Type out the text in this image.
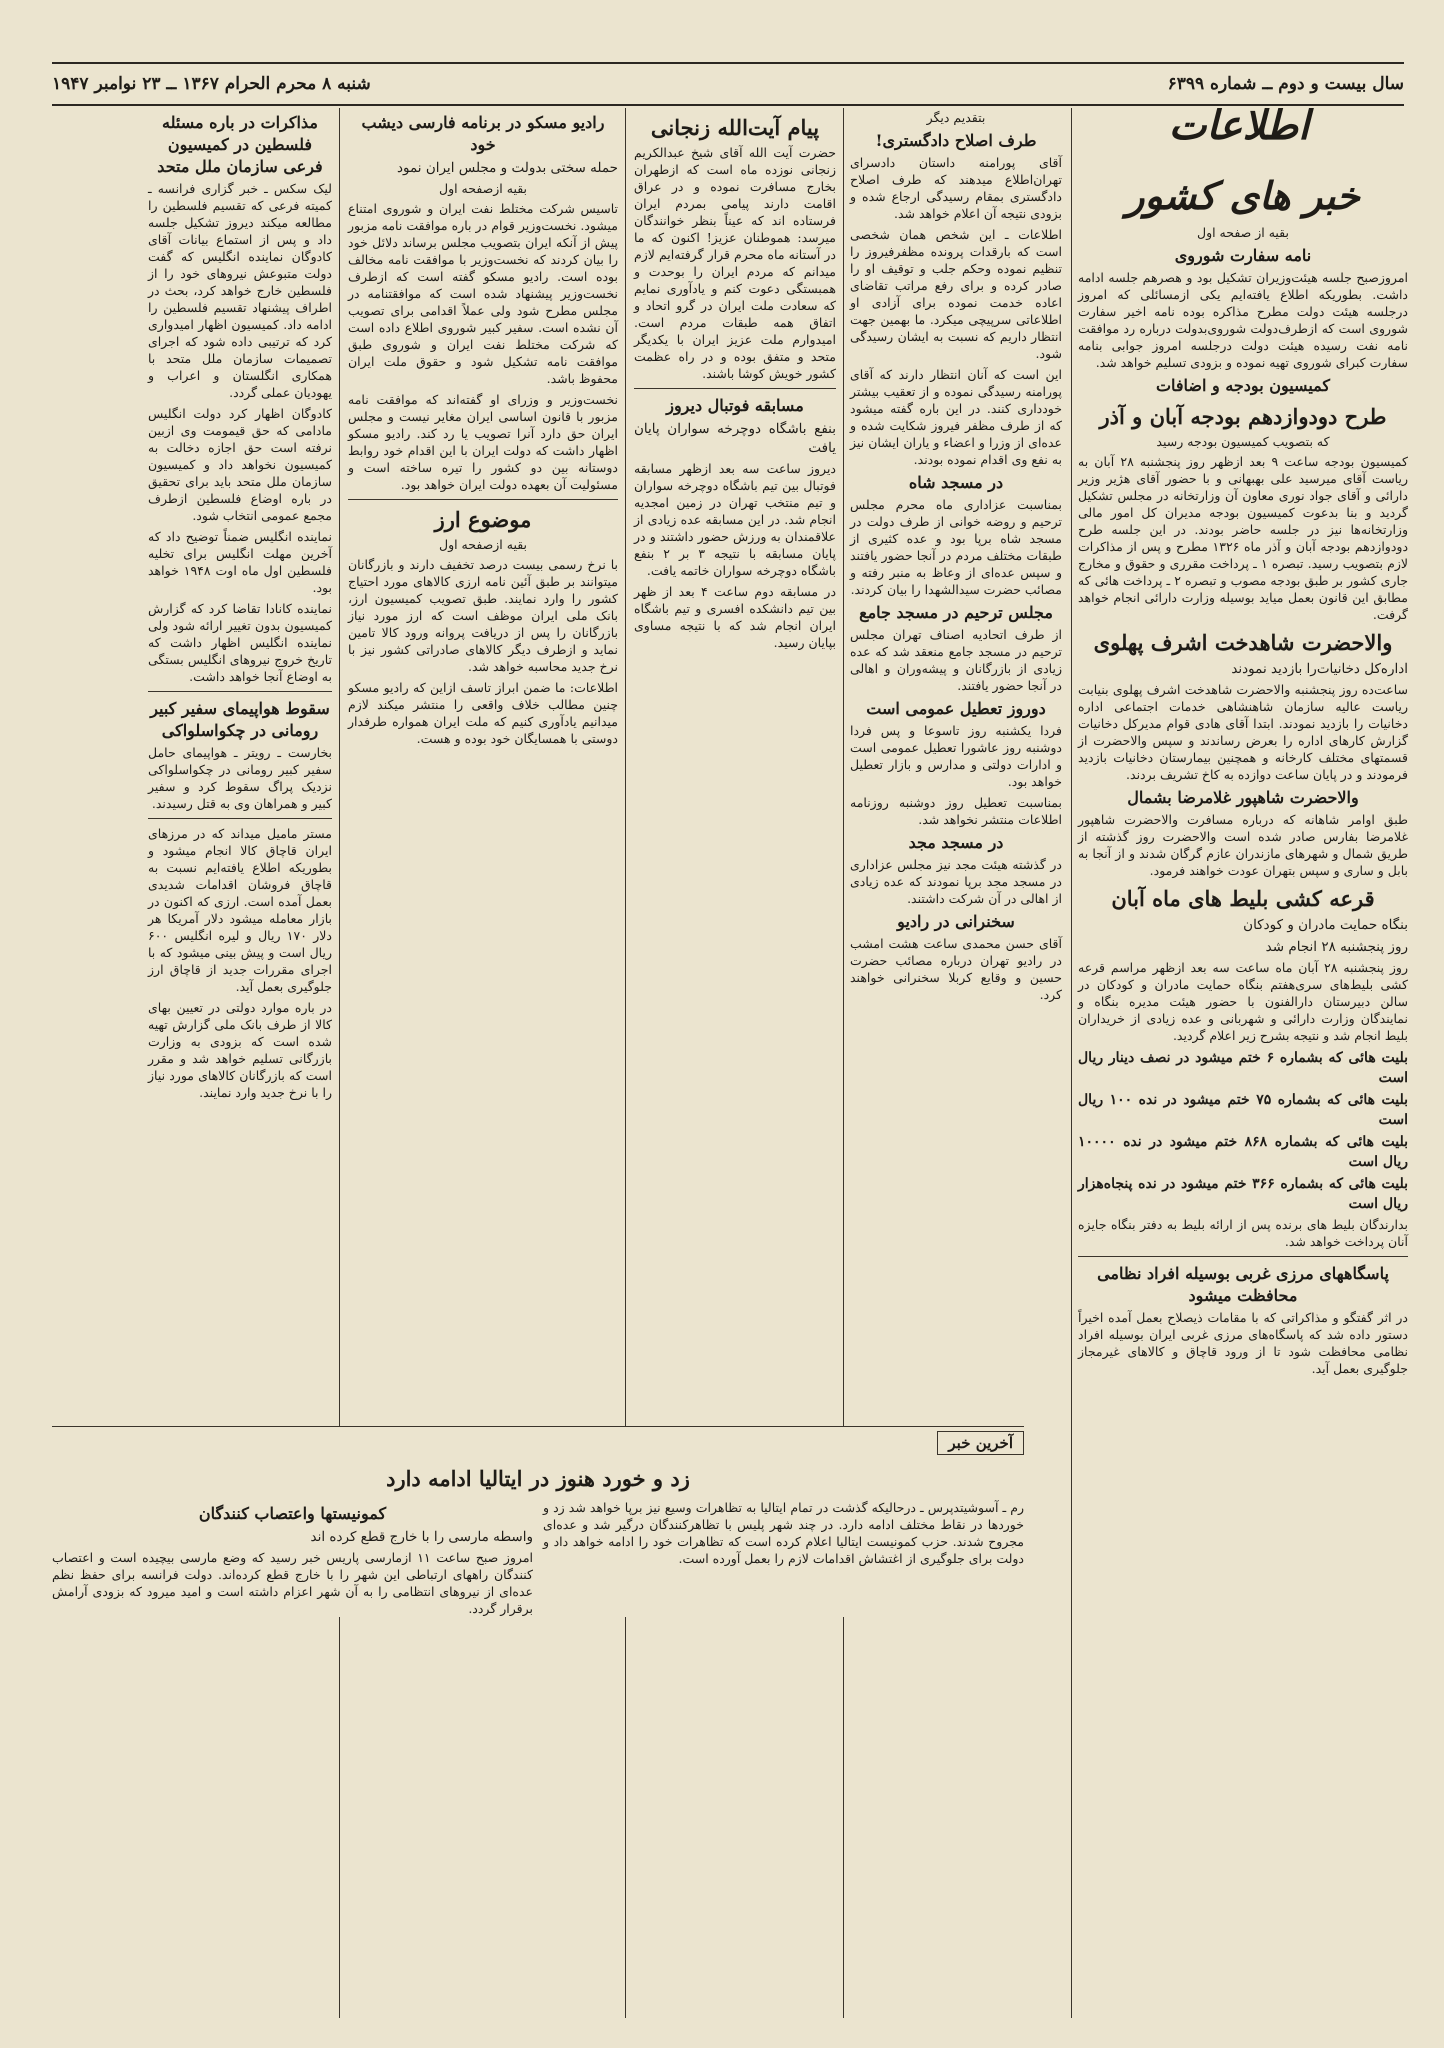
سال بیست و دوم ــ شماره ۶۳۹۹
شنبه ۸ محرم الحرام ۱۳۶۷ ــ ۲۳ نوامبر ۱۹۴۷
اطلاعات
خبر های کشور
بقیه از صفحه اول
نامه سفارت شوروی

امروزصبح جلسه هیئت‌وزیران تشکیل بود و هصرهم جلسه ادامه داشت. بطوریکه اطلاع یافته‌ایم یکی ازمسائلی که امروز درجلسه هیئت دولت مطرح مذاکره بوده نامه اخیر سفارت شوروی است که ازطرف‌دولت شوروی‌بدولت درباره رد موافقت نامه نفت رسیده هیئت دولت درجلسه امروز جوابی بنامه سفارت کبرای شوروی تهیه نموده و بزودی تسلیم خواهد شد.

کمیسیون بودجه و اضافات
طرح دودوازدهم بودجه آبان و آذر
که بتصویب کمیسیون بودجه رسید

کمیسیون بودجه ساعت ۹ بعد ازظهر روز پنجشنبه ۲۸ آبان به ریاست آقای میرسید علی بهبهانی و با حضور آقای هژیر وزیر دارائی و آقای جواد نوری معاون آن وزارتخانه در مجلس تشکیل گردید و بنا بدعوت کمیسیون بودجه مدیران کل امور مالی وزارتخانه‌ها نیز در جلسه حاضر بودند. در این جلسه طرح دودوازدهم بودجه آبان و آذر ماه ۱۳۲۶ مطرح و پس از مذاکرات لازم بتصویب رسید. تبصره ۱ ـ پرداخت مقرری و حقوق و مخارج جاری کشور بر طبق بودجه مصوب و تبصره ۲ ـ پرداخت هائی که مطابق این قانون بعمل میاید بوسیله وزارت دارائی انجام خواهد گرفت.

والاحضرت شاهدخت اشرف پهلوی
اداره‌کل دخانیات‌را بازدید نمودند

ساعت‌ده روز پنجشنبه والاحضرت شاهدخت اشرف پهلوی بنیابت ریاست عالیه سازمان شاهنشاهی خدمات اجتماعی اداره دخانیات را بازدید نمودند. ابتدا آقای هادی قوام مدیرکل دخانیات گزارش کارهای اداره را بعرض رساندند و سپس والاحضرت از قسمتهای مختلف کارخانه و همچنین بیمارستان دخانیات بازدید فرمودند و در پایان ساعت دوازده به کاخ تشریف بردند.

والاحضرت شاهپور غلامرضا بشمال

طبق اوامر شاهانه که درباره مسافرت والاحضرت شاهپور غلامرضا بفارس صادر شده است والاحضرت روز گذشته از طریق شمال و شهرهای مازندران عازم گرگان شدند و از آنجا به بابل و ساری و سپس بتهران عودت خواهند فرمود.

قرعه کشی بلیط های ماه آبان
بنگاه حمایت مادران و کودکان
روز پنجشنبه ۲۸ انجام شد

روز پنجشنبه ۲۸ آبان ماه ساعت سه بعد ازظهر مراسم قرعه کشی بلیط‌های سری‌هفتم بنگاه حمایت مادران و کودکان در سالن دبیرستان دارالفنون با حضور هیئت مدیره بنگاه و نمایندگان وزارت دارائی و شهربانی و عده زیادی از خریداران بلیط انجام شد و نتیجه بشرح زیر اعلام گردید.

بلیت هائی که بشماره ۶ ختم میشود در نصف دینار ریال است
بلیت هائی که بشماره ۷۵ ختم میشود در نده ۱۰۰ ریال است
بلیت هائی که بشماره ۸۶۸ ختم میشود در نده ۱۰۰۰۰ ریال است
بلیت هائی که بشماره ۳۶۶ ختم میشود در نده پنجاه‌هزار ریال است

بدارندگان بلیط های برنده پس از ارائه بلیط به دفتر بنگاه جایزه آنان پرداخت خواهد شد.

پاسگاههای مرزی غربی بوسیله افراد نظامی محافظت میشود

در اثر گفتگو و مذاکراتی که با مقامات ذیصلاح بعمل آمده اخیراً دستور داده شد که پاسگاه‌های مرزی غربی ایران بوسیله افراد نظامی محافظت شود تا از ورود قاچاق و کالاهای غیرمجاز جلوگیری بعمل آید.

بتقدیم دیگر
طرف اصلاح دادگستری!

آقای پورامنه داستان دادسرای تهران‌اطلاع میدهند که طرف اصلاح دادگستری بمقام رسیدگی ارجاع شده و بزودی نتیجه آن اعلام خواهد شد.

اطلاعات ـ این شخص همان شخصی است که بارقدات پرونده مظفرفیروز را تنظیم نموده وحکم جلب و توقیف او را صادر کرده و برای رفع مراتب تقاضای اعاده خدمت نموده برای آزادی او اطلاعاتی سرپیچی میکرد. ما بهمین جهت انتظار داریم که نسبت به ایشان رسیدگی شود.

این است که آنان انتظار دارند که آقای پورامنه رسیدگی نموده و از تعقیب بیشتر خودداری کنند. در این باره گفته میشود که از طرف مظفر فیروز شکایت شده و عده‌ای از وزرا و اعضاء و یاران ایشان نیز به نفع وی اقدام نموده بودند.

در مسجد شاه

بمناسبت عزاداری ماه محرم مجلس ترحیم و روضه خوانی از طرف دولت در مسجد شاه برپا بود و عده کثیری از طبقات مختلف مردم در آنجا حضور یافتند و سپس عده‌ای از وعاظ به منبر رفته و مصائب حضرت سیدالشهدا را بیان کردند.

مجلس ترحیم در مسجد جامع

از طرف اتحادیه اصناف تهران مجلس ترحیم در مسجد جامع منعقد شد که عده زیادی از بازرگانان و پیشه‌وران و اهالی در آنجا حضور یافتند.

دوروز تعطیل عمومی است

فردا یکشنبه روز تاسوعا و پس فردا دوشنبه روز عاشورا تعطیل عمومی است و ادارات دولتی و مدارس و بازار تعطیل خواهد بود.

بمناسبت تعطیل روز دوشنبه روزنامه اطلاعات منتشر نخواهد شد.

در مسجد مجد

در گذشته هیئت مجد نیز مجلس عزاداری در مسجد مجد برپا نمودند که عده زیادی از اهالی در آن شرکت داشتند.

سخنرانی در رادیو

آقای حسن محمدی ساعت هشت امشب در رادیو تهران درباره مصائب حضرت حسین و وقایع کربلا سخنرانی خواهند کرد.

پیام آیت‌الله زنجانی

حضرت آیت الله آقای شیخ عبدالکریم زنجانی نوزده ماه است که ازطهران بخارج مسافرت نموده و در عراق اقامت دارند پیامی بمردم ایران فرستاده اند که عیناً بنظر خوانندگان میرسد: هموطنان عزیز! اکنون که ما در آستانه ماه محرم قرار گرفته‌ایم لازم میدانم که مردم ایران را بوحدت و همبستگی دعوت کنم و یادآوری نمایم که سعادت ملت ایران در گرو اتحاد و اتفاق همه طبقات مردم است. امیدوارم ملت عزیز ایران با یکدیگر متحد و متفق بوده و در راه عظمت کشور خویش کوشا باشند.

مسابقه فوتبال دیروز
بنفع باشگاه دوچرخه سواران پایان یافت

دیروز ساعت سه بعد ازظهر مسابقه فوتبال بین تیم باشگاه دوچرخه سواران و تیم منتخب تهران در زمین امجدیه انجام شد. در این مسابقه عده زیادی از علاقمندان به ورزش حضور داشتند و در پایان مسابقه با نتیجه ۳ بر ۲ بنفع باشگاه دوچرخه سواران خاتمه یافت.

در مسابقه دوم ساعت ۴ بعد از ظهر بین تیم دانشکده افسری و تیم باشگاه ایران انجام شد که با نتیجه مساوی بپایان رسید.

رادیو مسکو در برنامه فارسی دیشب خود
حمله سختی بدولت و مجلس ایران نمود
بقیه ازصفحه اول

تاسیس شرکت مختلط نفت ایران و شوروی امتناع میشود. نخست‌وزیر قوام در باره موافقت نامه مزبور پیش از آنکه ایران بتصویب مجلس برساند دلائل خود را بیان کردند که نخست‌وزیر با موافقت نامه مخالف بوده است. رادیو مسکو گفته است که ازطرف نخست‌وزیر پیشنهاد شده است که موافقتنامه در مجلس مطرح شود ولی عملاً اقدامی برای تصویب آن نشده است. سفیر کبیر شوروی اطلاع داده است که شرکت مختلط نفت ایران و شوروی طبق موافقت نامه تشکیل شود و حقوق ملت ایران محفوظ باشد.

نخست‌وزیر و وزرای او گفته‌اند که موافقت نامه مزبور با قانون اساسی ایران مغایر نیست و مجلس ایران حق دارد آنرا تصویب یا رد کند. رادیو مسکو اظهار داشت که دولت ایران با این اقدام خود روابط دوستانه بین دو کشور را تیره ساخته است و مسئولیت آن بعهده دولت ایران خواهد بود.

موضوع ارز
بقیه ازصفحه اول

با نرخ رسمی بیست درصد تخفیف دارند و بازرگانان میتوانند بر طبق آئین نامه ارزی کالاهای مورد احتیاج کشور را وارد نمایند. طبق تصویب کمیسیون ارز، بانک ملی ایران موظف است که ارز مورد نیاز بازرگانان را پس از دریافت پروانه ورود کالا تامین نماید و ازطرف دیگر کالاهای صادراتی کشور نیز با نرخ جدید محاسبه خواهد شد.

اطلاعات: ما ضمن ابراز تاسف ازاین که رادیو مسکو چنین مطالب خلاف واقعی را منتشر میکند لازم میدانیم یادآوری کنیم که ملت ایران همواره طرفدار دوستی با همسایگان خود بوده و هست.

مذاکرات در باره مسئله فلسطین در کمیسیون فرعی سازمان ملل متحد

لیک سکس ـ خبر گزاری فرانسه ـ کمیته فرعی که تقسیم فلسطین را مطالعه میکند دیروز تشکیل جلسه داد و پس از استماع بیانات آقای کادوگان نماینده انگلیس که گفت دولت متبوعش نیروهای خود را از فلسطین خارج خواهد کرد، بحث در اطراف پیشنهاد تقسیم فلسطین را ادامه داد. کمیسیون اظهار امیدواری کرد که ترتیبی داده شود که اجرای تصمیمات سازمان ملل متحد با همکاری انگلستان و اعراب و یهودیان عملی گردد.

کادوگان اظهار کرد دولت انگلیس مادامی که حق قیمومت وی ازبین نرفته است حق اجازه دخالت به کمیسیون نخواهد داد و کمیسیون سازمان ملل متحد باید برای تحقیق در باره اوضاع فلسطین ازطرف مجمع عمومی انتخاب شود.

نماینده انگلیس ضمناً توضیح داد که آخرین مهلت انگلیس برای تخلیه فلسطین اول ماه اوت ۱۹۴۸ خواهد بود.

نماینده کانادا تقاضا کرد که گزارش کمیسیون بدون تغییر ارائه شود ولی نماینده انگلیس اظهار داشت که تاریخ خروج نیروهای انگلیس بستگی به اوضاع آنجا خواهد داشت.

سقوط هواپیمای سفیر کبیر رومانی در چکواسلواکی

بخارست ـ رویتر ـ هواپیمای حامل سفیر کبیر رومانی در چکواسلواکی نزدیک پراگ سقوط کرد و سفیر کبیر و همراهان وی به قتل رسیدند.

مستر مامیل میداند که در مرزهای ایران قاچاق کالا انجام میشود و بطوریکه اطلاع یافته‌ایم نسبت به قاچاق فروشان اقدامات شدیدی بعمل آمده است. ارزی که اکنون در بازار معامله میشود دلار آمریکا هر دلار ۱۷۰ ریال و لیره انگلیس ۶۰۰ ریال است و پیش بینی میشود که با اجرای مقررات جدید از قاچاق ارز جلوگیری بعمل آید.

در باره موارد دولتی در تعیین بهای کالا از طرف بانک ملی گزارش تهیه شده است که بزودی به وزارت بازرگانی تسلیم خواهد شد و مقرر است که بازرگانان کالاهای مورد نیاز را با نرخ جدید وارد نمایند.

آخرین خبر
زد و خورد هنوز در ایتالیا ادامه دارد
رم ـ آسوشیتدپرس ـ درحالیکه گذشت در تمام ایتالیا به تظاهرات وسیع نیز برپا خواهد شد زد و خوردها در نقاط مختلف ادامه دارد. در چند شهر پلیس با تظاهرکنندگان درگیر شد و عده‌ای مجروح شدند. حزب کمونیست ایتالیا اعلام کرده است که تظاهرات خود را ادامه خواهد داد و دولت برای جلوگیری از اغتشاش اقدامات لازم را بعمل آورده است.
کمونیستها واعتصاب کنندگان
واسطه مارسی را با خارج قطع کرده اند
امروز صبح ساعت ۱۱ ازمارسی پاریس خبر رسید که وضع مارسی بیچیده است و اعتصاب کنندگان راههای ارتباطی این شهر را با خارج قطع کرده‌اند. دولت فرانسه برای حفظ نظم عده‌ای از نیروهای انتظامی را به آن شهر اعزام داشته است و امید میرود که بزودی آرامش برقرار گردد.
